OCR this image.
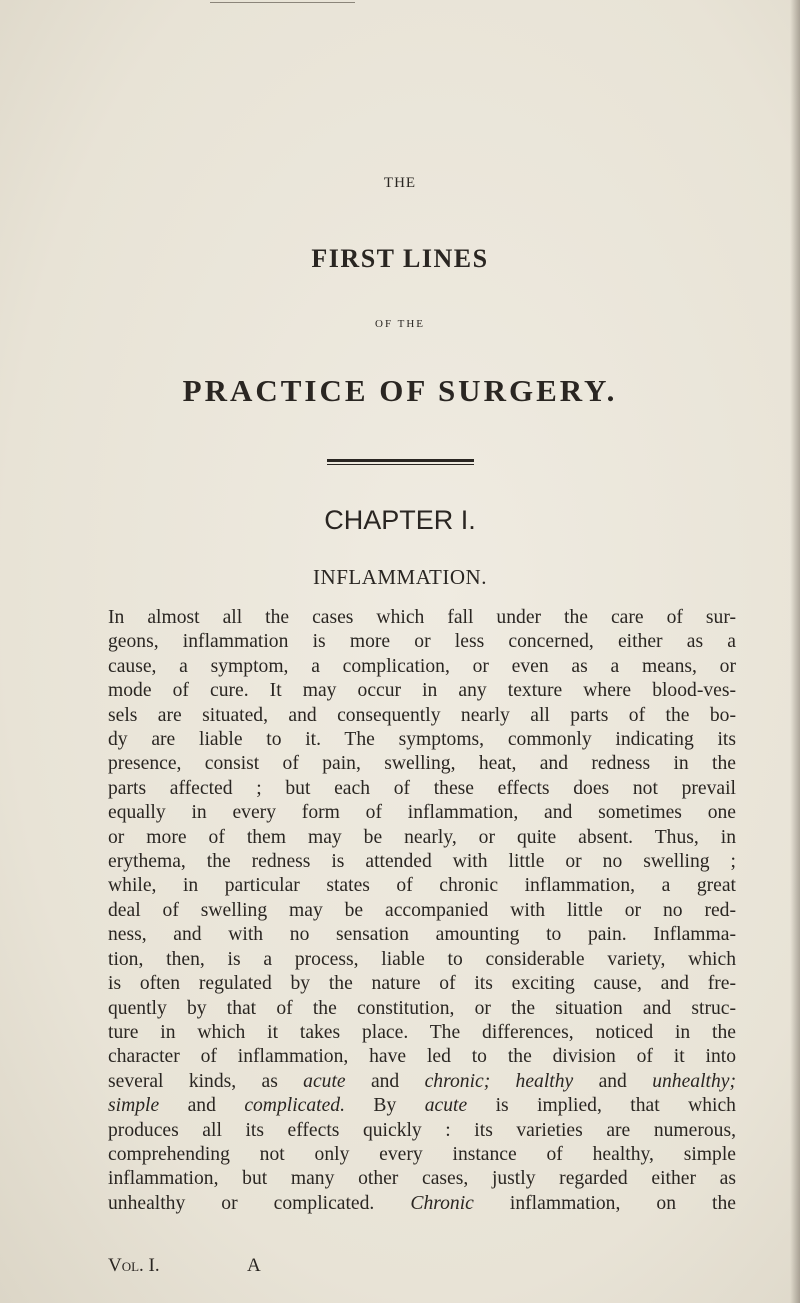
THE
FIRST LINES
OF THE
PRACTICE OF SURGERY.
CHAPTER I.
INFLAMMATION.
In almost all the cases which fall under the care of sur-
geons, inflammation is more or less concerned, either as a
cause, a symptom, a complication, or even as a means, or
mode of cure. It may occur in any texture where blood-ves-
sels are situated, and consequently nearly all parts of the bo-
dy are liable to it. The symptoms, commonly indicating its
presence, consist of pain, swelling, heat, and redness in the
parts affected ; but each of these effects does not prevail
equally in every form of inflammation, and sometimes one
or more of them may be nearly, or quite absent. Thus, in
erythema, the redness is attended with little or no swelling ;
while, in particular states of chronic inflammation, a great
deal of swelling may be accompanied with little or no red-
ness, and with no sensation amounting to pain. Inflamma-
tion, then, is a process, liable to considerable variety, which
is often regulated by the nature of its exciting cause, and fre-
quently by that of the constitution, or the situation and struc-
ture in which it takes place. The differences, noticed in the
character of inflammation, have led to the division of it into
several kinds, as acute and chronic; healthy and unhealthy;
simple and complicated. By acute is implied, that which
produces all its effects quickly : its varieties are numerous,
comprehending not only every instance of healthy, simple
inflammation, but many other cases, justly regarded either as
unhealthy or complicated. Chronic inflammation, on the
Vol. I.	A
